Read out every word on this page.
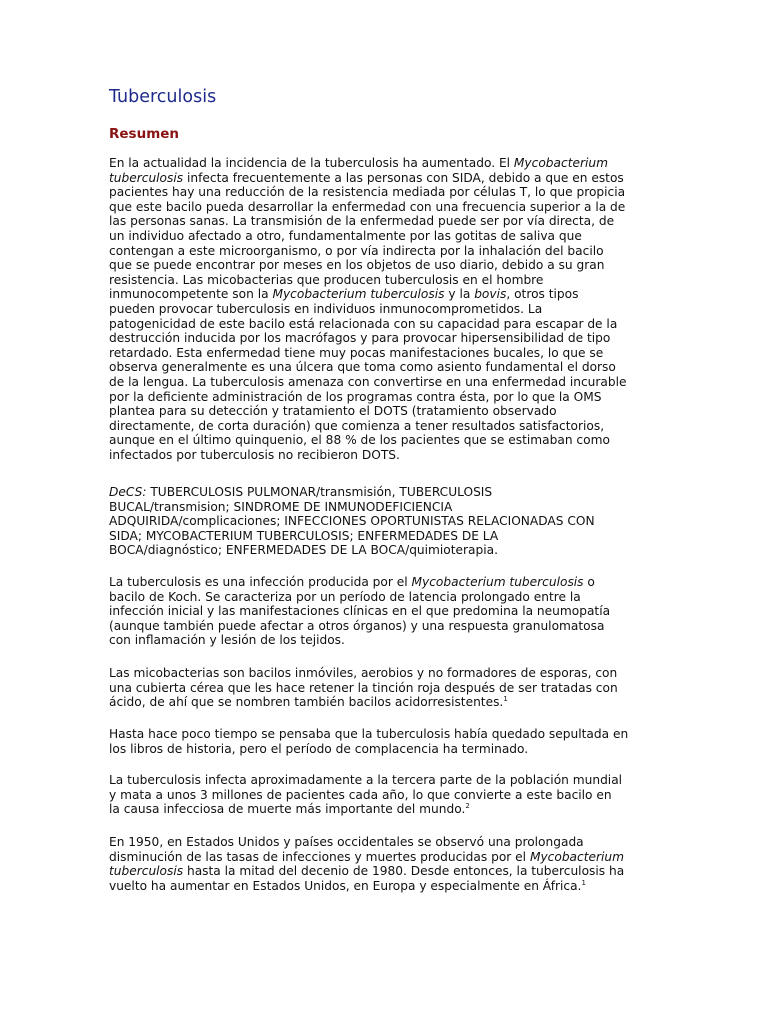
Tuberculosis
Resumen

En la actualidad la incidencia de la tuberculosis ha aumentado. El Mycobacterium
tuberculosis infecta frecuentemente a las personas con SIDA, debido a que en estos
pacientes hay una reducción de la resistencia mediada por células T, lo que propicia
que este bacilo pueda desarrollar la enfermedad con una frecuencia superior a la de
las personas sanas. La transmisión de la enfermedad puede ser por vía directa, de
un individuo afectado a otro, fundamentalmente por las gotitas de saliva que
contengan a este microorganismo, o por vía indirecta por la inhalación del bacilo
que se puede encontrar por meses en los objetos de uso diario, debido a su gran
resistencia. Las micobacterias que producen tuberculosis en el hombre
inmunocompetente son la Mycobacterium tuberculosis y la bovis, otros tipos
pueden provocar tuberculosis en individuos inmunocomprometidos. La
patogenicidad de este bacilo está relacionada con su capacidad para escapar de la
destrucción inducida por los macrófagos y para provocar hipersensibilidad de tipo
retardado. Esta enfermedad tiene muy pocas manifestaciones bucales, lo que se
observa generalmente es una úlcera que toma como asiento fundamental el dorso
de la lengua. La tuberculosis amenaza con convertirse en una enfermedad incurable
por la deficiente administración de los programas contra ésta, por lo que la OMS
plantea para su detección y tratamiento el DOTS (tratamiento observado
directamente, de corta duración) que comienza a tener resultados satisfactorios,
aunque en el último quinquenio, el 88 % de los pacientes que se estimaban como
infectados por tuberculosis no recibieron DOTS.

DeCS: TUBERCULOSIS PULMONAR/transmisión, TUBERCULOSIS
BUCAL/transmision; SINDROME DE INMUNODEFICIENCIA
ADQUIRIDA/complicaciones; INFECCIONES OPORTUNISTAS RELACIONADAS CON
SIDA; MYCOBACTERIUM TUBERCULOSIS; ENFERMEDADES DE LA
BOCA/diagnóstico; ENFERMEDADES DE LA BOCA/quimioterapia.

La tuberculosis es una infección producida por el Mycobacterium tuberculosis o
bacilo de Koch. Se caracteriza por un período de latencia prolongado entre la
infección inicial y las manifestaciones clínicas en el que predomina la neumopatía
(aunque también puede afectar a otros órganos) y una respuesta granulomatosa
con inflamación y lesión de los tejidos.

Las micobacterias son bacilos inmóviles, aerobios y no formadores de esporas, con
una cubierta cérea que les hace retener la tinción roja después de ser tratadas con
ácido, de ahí que se nombren también bacilos acidorresistentes.$^1$

Hasta hace poco tiempo se pensaba que la tuberculosis había quedado sepultada en
los libros de historia, pero el período de complacencia ha terminado.

La tuberculosis infecta aproximadamente a la tercera parte de la población mundial
y mata a unos 3 millones de pacientes cada año, lo que convierte a este bacilo en
la causa infecciosa de muerte más importante del mundo.$^2$

En 1950, en Estados Unidos y países occidentales se observó una prolongada
disminución de las tasas de infecciones y muertes producidas por el Mycobacterium
tuberculosis hasta la mitad del decenio de 1980. Desde entonces, la tuberculosis ha
vuelto ha aumentar en Estados Unidos, en Europa y especialmente en África.$^1$
